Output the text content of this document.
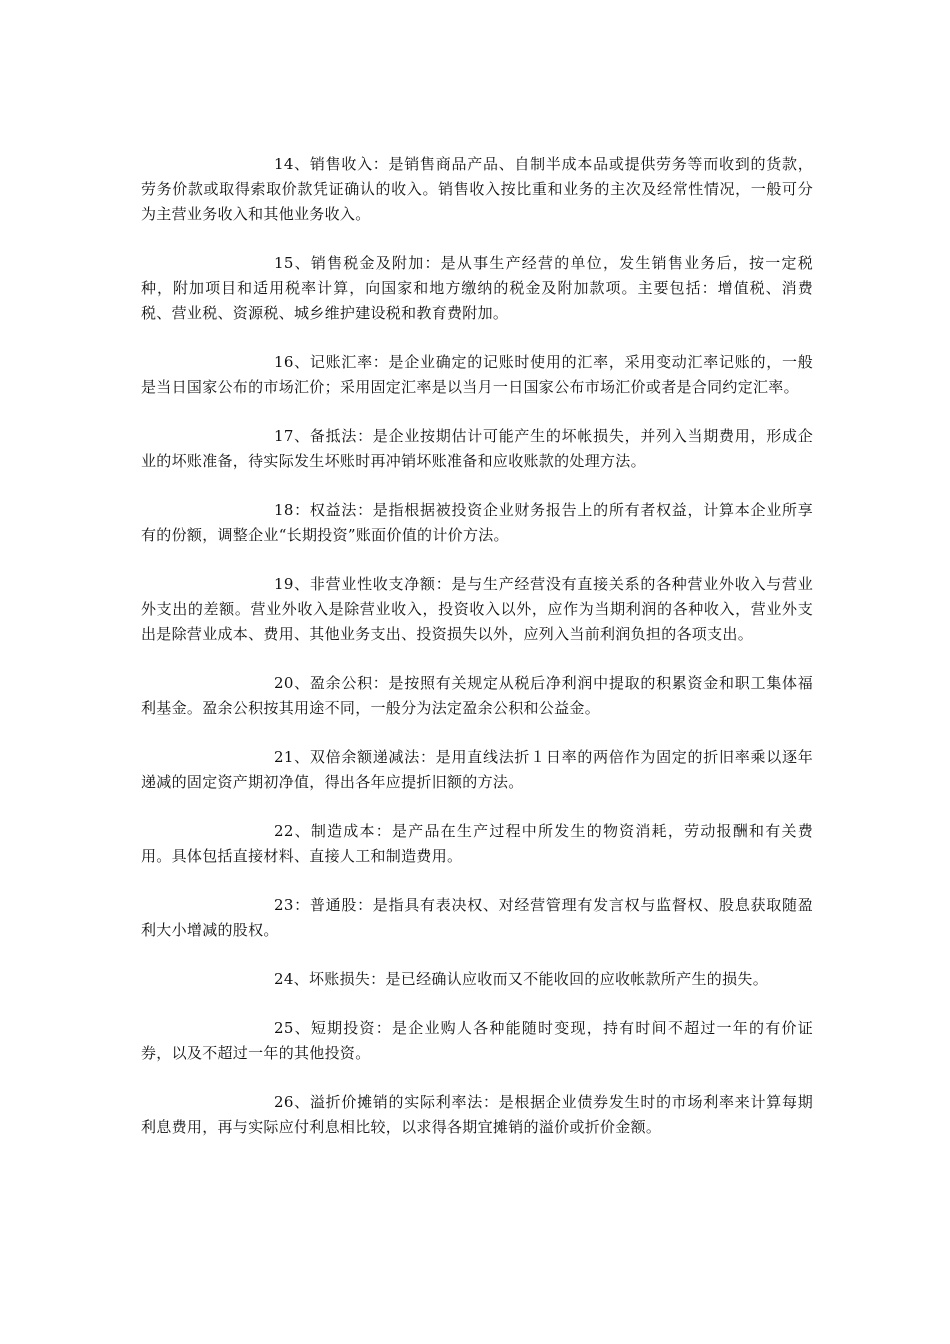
14、销售收入：是销售商品产品、自制半成本品或提供劳务等而收到的货款，劳务价款或取得索取价款凭证确认的收入。销售收入按比重和业务的主次及经常性情况，一般可分为主营业务收入和其他业务收入。

15、销售税金及附加：是从事生产经营的单位，发生销售业务后，按一定税种，附加项目和适用税率计算，向国家和地方缴纳的税金及附加款项。主要包括：增值税、消费税、营业税、资源税、城乡维护建设税和教育费附加。

16、记账汇率：是企业确定的记账时使用的汇率，采用变动汇率记账的，一般是当日国家公布的市场汇价；采用固定汇率是以当月一日国家公布市场汇价或者是合同约定汇率。

17、备抵法：是企业按期估计可能产生的坏帐损失，并列入当期费用，形成企业的坏账准备，待实际发生坏账时再冲销坏账准备和应收账款的处理方法。

18：权益法：是指根据被投资企业财务报告上的所有者权益，计算本企业所享有的份额，调整企业“长期投资”账面价值的计价方法。

19、非营业性收支净额：是与生产经营没有直接关系的各种营业外收入与营业外支出的差额。营业外收入是除营业收入，投资收入以外，应作为当期利润的各种收入，营业外支出是除营业成本、费用、其他业务支出、投资损失以外，应列入当前利润负担的各项支出。

20、盈余公积：是按照有关规定从税后净利润中提取的积累资金和职工集体福利基金。盈余公积按其用途不同，一般分为法定盈余公积和公益金。

21、双倍余额递减法：是用直线法折１日率的两倍作为固定的折旧率乘以逐年递减的固定资产期初净值，得出各年应提折旧额的方法。

22、制造成本：是产品在生产过程中所发生的物资消耗，劳动报酬和有关费用。具体包括直接材料、直接人工和制造费用。

23：普通股：是指具有表决权、对经营管理有发言权与监督权、股息获取随盈利大小增减的股权。

24、坏账损失：是已经确认应收而又不能收回的应收帐款所产生的损失。

25、短期投资：是企业购人各种能随时变现，持有时间不超过一年的有价证券，以及不超过一年的其他投资。

26、溢折价摊销的实际利率法：是根据企业债券发生时的市场利率来计算每期利息费用，再与实际应付利息相比较，以求得各期宜摊销的溢价或折价金额。
